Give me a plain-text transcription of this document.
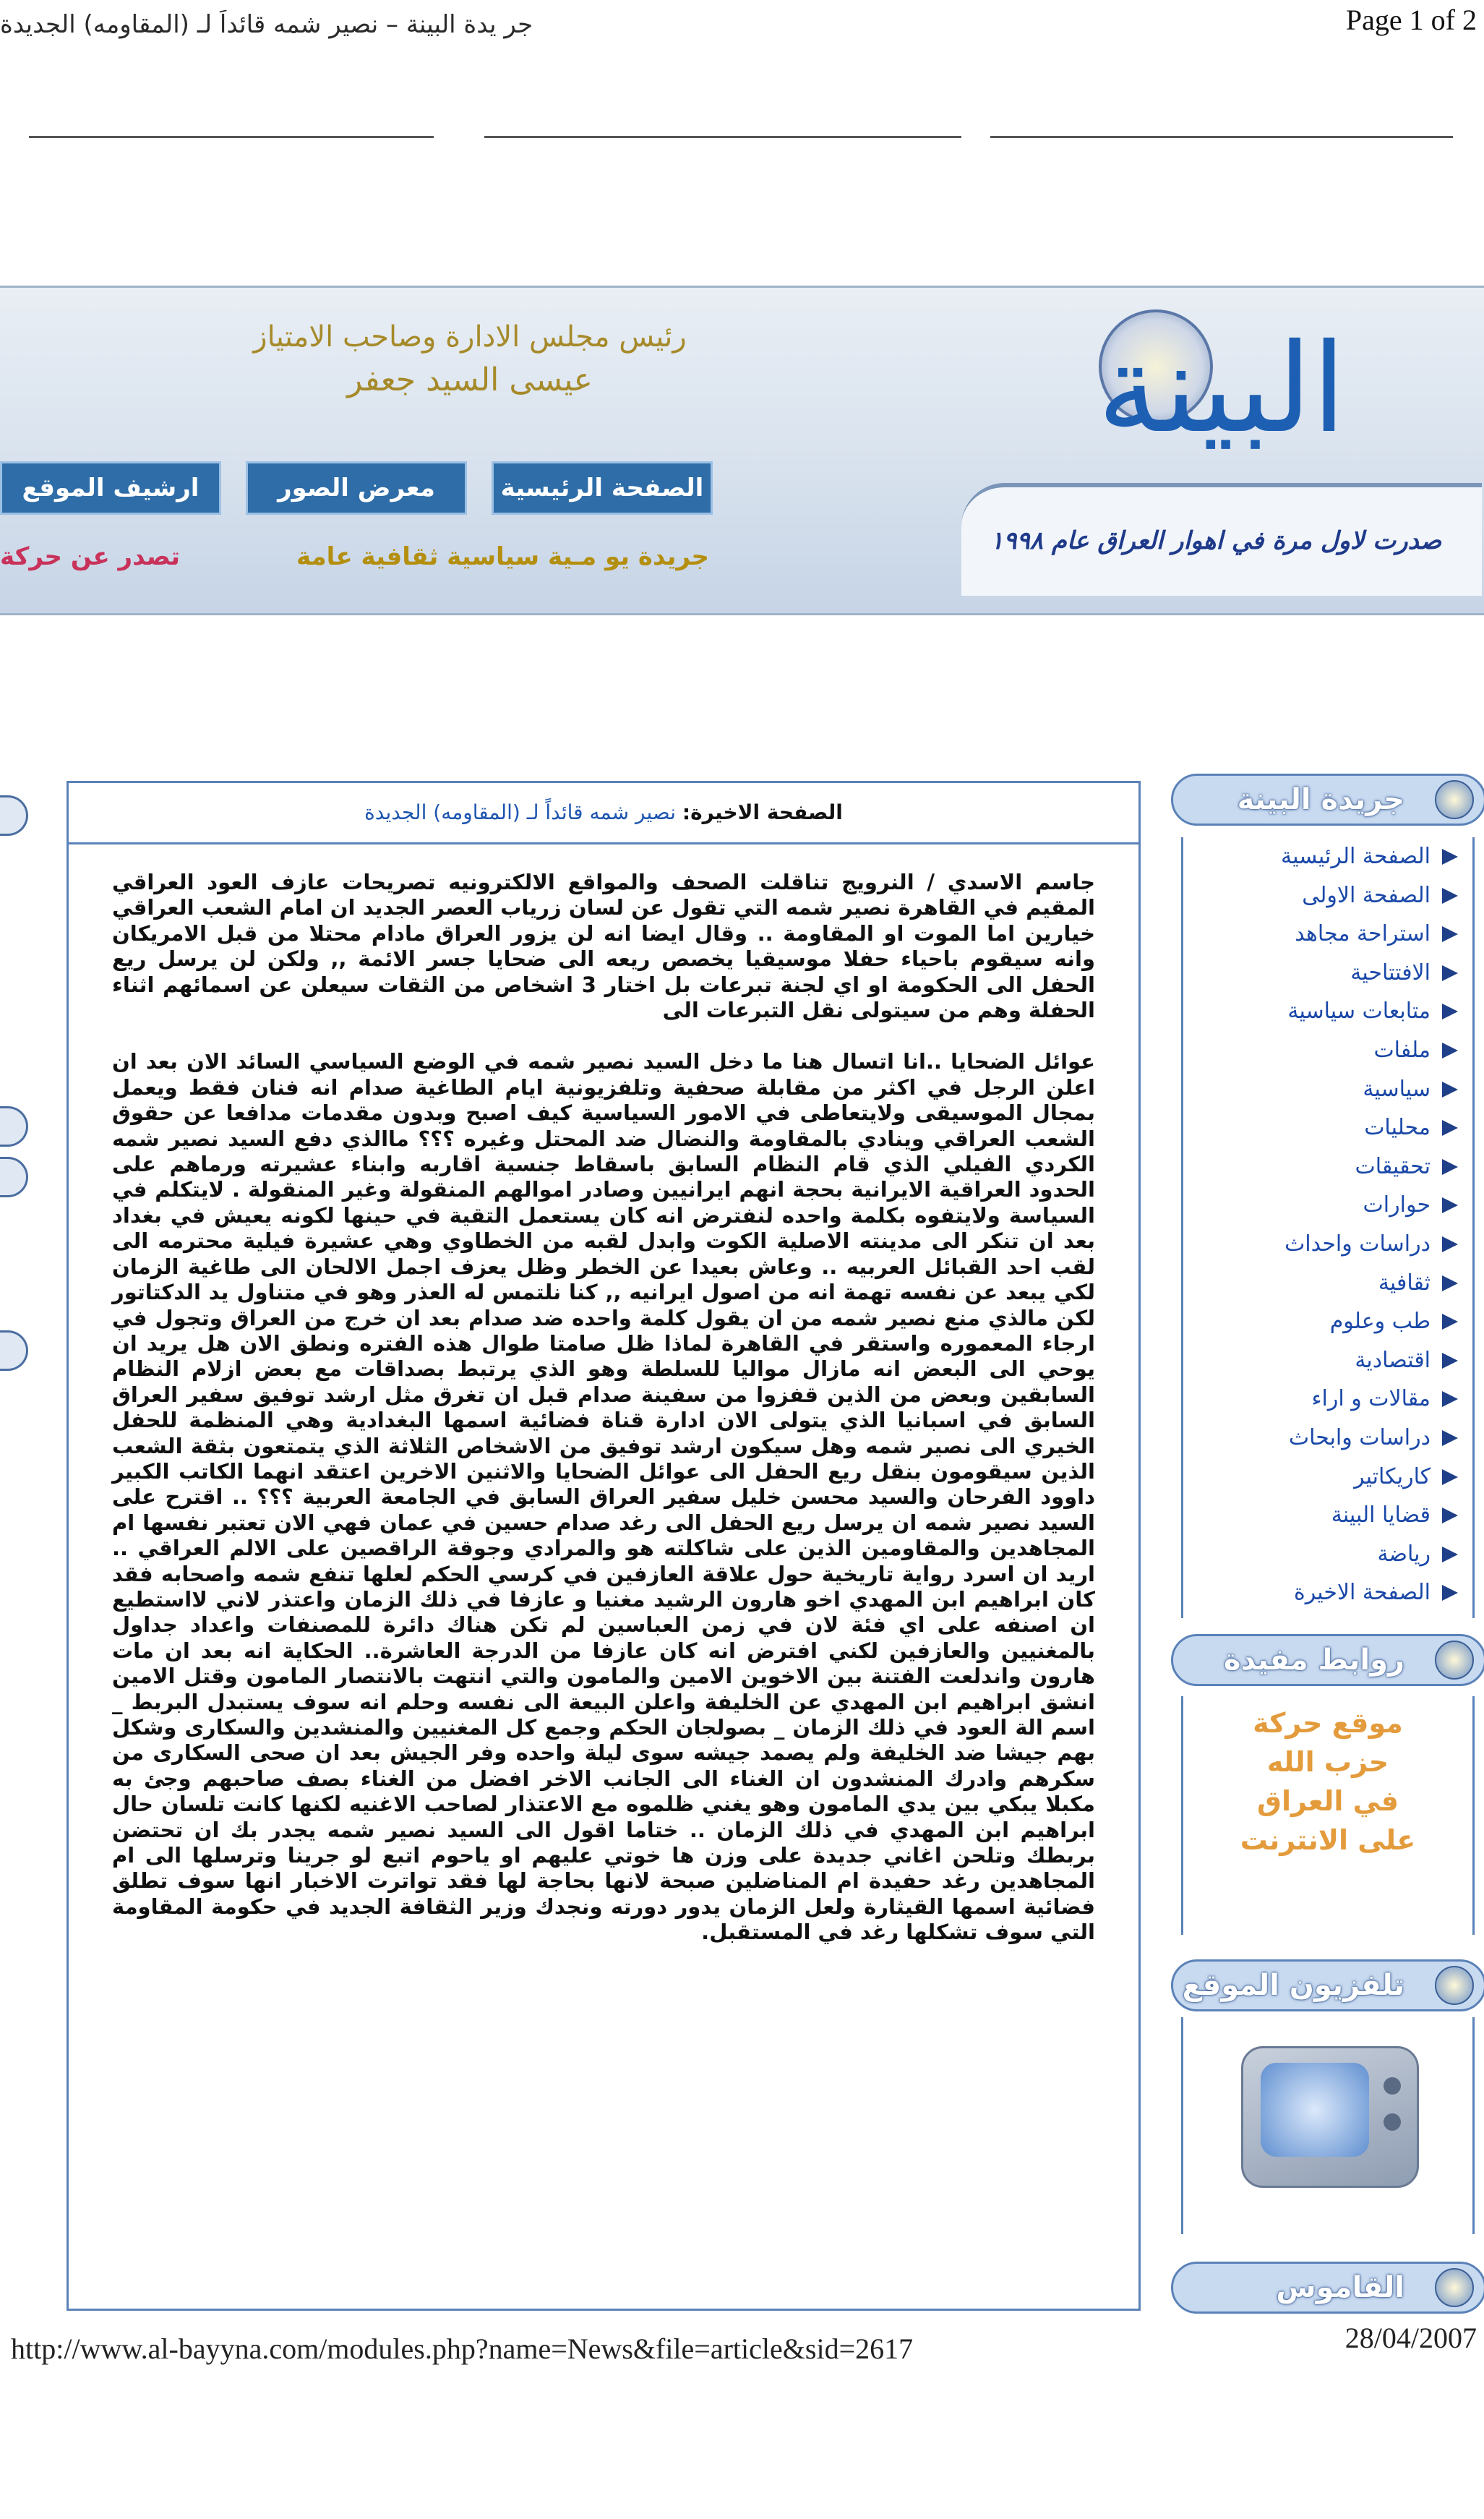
جر يدة البينة – نصير شمه قائداً لـ (المقاومه) الجديدة	Page 1 of 2
البينة
رئيس مجلس الادارة وصاحب الامتياز
عيسى السيد جعفر
الصفحة الرئيسية
معرض الصور
ارشيف الموقع
جريدة يو مـية سياسية ثقافية عامة
تصدر عن حركة
صدرت لاول مرة في اهوار العراق عام ١٩٩٨
الصفحة الاخيرة: نصير شمه قائداً لـ (المقاومه) الجديدة

جاسم الاسدي / النرويج تناقلت الصحف والمواقع الالكترونيه تصريحات عازف العود العراقي المقيم في القاهرة نصير شمه التي تقول عن لسان زرياب العصر الجديد ان امام الشعب العراقي خيارين اما الموت او المقاومة .. وقال ايضا انه لن يزور العراق مادام محتلا من قبل الامريكان وانه سيقوم باحياء حفلا موسيقيا يخصص ريعه الى ضحايا جسر الائمة ,, ولكن لن يرسل ريع الحفل الى الحكومة او اي لجنة تبرعات بل اختار 3 اشخاص من الثقات سيعلن عن اسمائهم اثناء الحفلة وهم من سيتولى نقل التبرعات الى

عوائل الضحايا ..انا اتسال هنا ما دخل السيد نصير شمه في الوضع السياسي السائد الان بعد ان اعلن الرجل في اكثر من مقابلة صحفية وتلفزيونية ايام الطاغية صدام انه فنان فقط ويعمل بمجال الموسيقى ولايتعاطى في الامور السياسية كيف اصبح وبدون مقدمات مدافعا عن حقوق الشعب العراقي وينادي بالمقاومة والنضال ضد المحتل وغيره ؟؟؟ ماالذي دفع السيد نصير شمه الكردي الفيلي الذي قام النظام السابق باسقاط جنسية اقاربه وابناء عشيرته ورماهم على الحدود العراقية الايرانية بحجة انهم ايرانيين وصادر اموالهم المنقولة وغير المنقولة . لايتكلم في السياسة ولايتفوه بكلمة واحده لنفترض انه كان يستعمل التقية في حينها لكونه يعيش في بغداد بعد ان تنكر الى مدينته الاصلية الكوت وابدل لقبه من الخطاوي وهي عشيرة فيلية محترمه الى لقب احد القبائل العربيه .. وعاش بعيدا عن الخطر وظل يعزف اجمل الالحان الى طاغية الزمان لكي يبعد عن نفسه تهمة انه من اصول ايرانيه ,, كنا نلتمس له العذر وهو في متناول يد الدكتاتور لكن مالذي منع نصير شمه من ان يقول كلمة واحده ضد صدام بعد ان خرج من العراق وتجول في ارجاء المعموره واستقر في القاهرة لماذا ظل صامتا طوال هذه الفتره ونطق الان هل يريد ان يوحي الى البعض انه مازال مواليا للسلطة وهو الذي يرتبط بصداقات مع بعض ازلام النظام السابقين وبعض من الذين قفزوا من سفينة صدام قبل ان تغرق مثل ارشد توفيق سفير العراق السابق في اسبانيا الذي يتولى الان ادارة قناة فضائية اسمها البغدادية وهي المنظمة للحفل الخيري الى نصير شمه وهل سيكون ارشد توفيق من الاشخاص الثلاثة الذي يتمتعون بثقة الشعب الذين سيقومون بنقل ريع الحفل الى عوائل الضحايا والاثنين الاخرين اعتقد انهما الكاتب الكبير داوود الفرحان والسيد محسن خليل سفير العراق السابق في الجامعة العربية ؟؟؟ .. اقترح على السيد نصير شمه ان يرسل ريع الحفل الى رغد صدام حسين في عمان فهي الان تعتبر نفسها ام المجاهدين والمقاومين الذين على شاكلته هو والمرادي وجوقة الراقصين على الالم العراقي .. اريد ان اسرد رواية تاريخية حول علاقة العازفين في كرسي الحكم لعلها تنفع شمه واصحابه فقد كان ابراهيم ابن المهدي اخو هارون الرشيد مغنيا و عازفا في ذلك الزمان واعتذر لاني لااستطيع ان اصنفه على اي فئة لان في زمن العباسين لم تكن هناك دائرة للمصنفات واعداد جداول بالمغنيين والعازفين لكني افترض انه كان عازفا من الدرجة العاشرة.. الحكاية انه بعد ان مات هارون واندلعت الفتنة بين الاخوين الامين والمامون والتي انتهت بالانتصار المامون وقتل الامين انشق ابراهيم ابن المهدي عن الخليفة واعلن البيعة الى نفسه وحلم انه سوف يستبدل البربط _ اسم الة العود في ذلك الزمان _ بصولجان الحكم وجمع كل المغنيين والمنشدين والسكارى وشكل بهم جيشا ضد الخليفة ولم يصمد جيشه سوى ليلة واحده وفر الجيش بعد ان صحى السكارى من سكرهم وادرك المنشدون ان الغناء الى الجانب الاخر افضل من الغناء بصف صاحبهم وجئ به مكبلا يبكي بين يدي المامون وهو يغني ظلموه مع الاعتذار لصاحب الاغنيه لكنها كانت تلسان حال ابراهيم ابن المهدي في ذلك الزمان .. ختاما اقول الى السيد نصير شمه يجدر بك ان تحتضن بربطك وتلحن اغاني جديدة على وزن ها خوتي عليهم او ياحوم اتبع لو جرينا وترسلها الى ام المجاهدين رغد حفيدة ام المناضلين صبحة لانها بحاجة لها فقد تواترت الاخبار انها سوف تطلق فضائية اسمها القيثارة ولعل الزمان يدور دورته ونجدك وزير الثقافة الجديد في حكومة المقاومة التي سوف تشكلها رغد في المستقبل.

جريدة البينة
الصفحة الرئيسية
الصفحة الاولى
استراحة مجاهد
الافتتاحية
متابعات سياسية
ملفات
سياسية
محليات
تحقيقات
حوارات
دراسات واحداث
ثقافية
طب وعلوم
اقتصادية
مقالات و اراء
دراسات وابحاث
كاريكاتير
قضايا البينة
رياضة
الصفحة الاخيرة
روابط مفيدة
موقع حركة
حزب الله
في العراق
على الانترنت
تلفزيون الموقع
القاموس
http://www.al-bayyna.com/modules.php?name=News&file=article&sid=2617	28/04/2007
